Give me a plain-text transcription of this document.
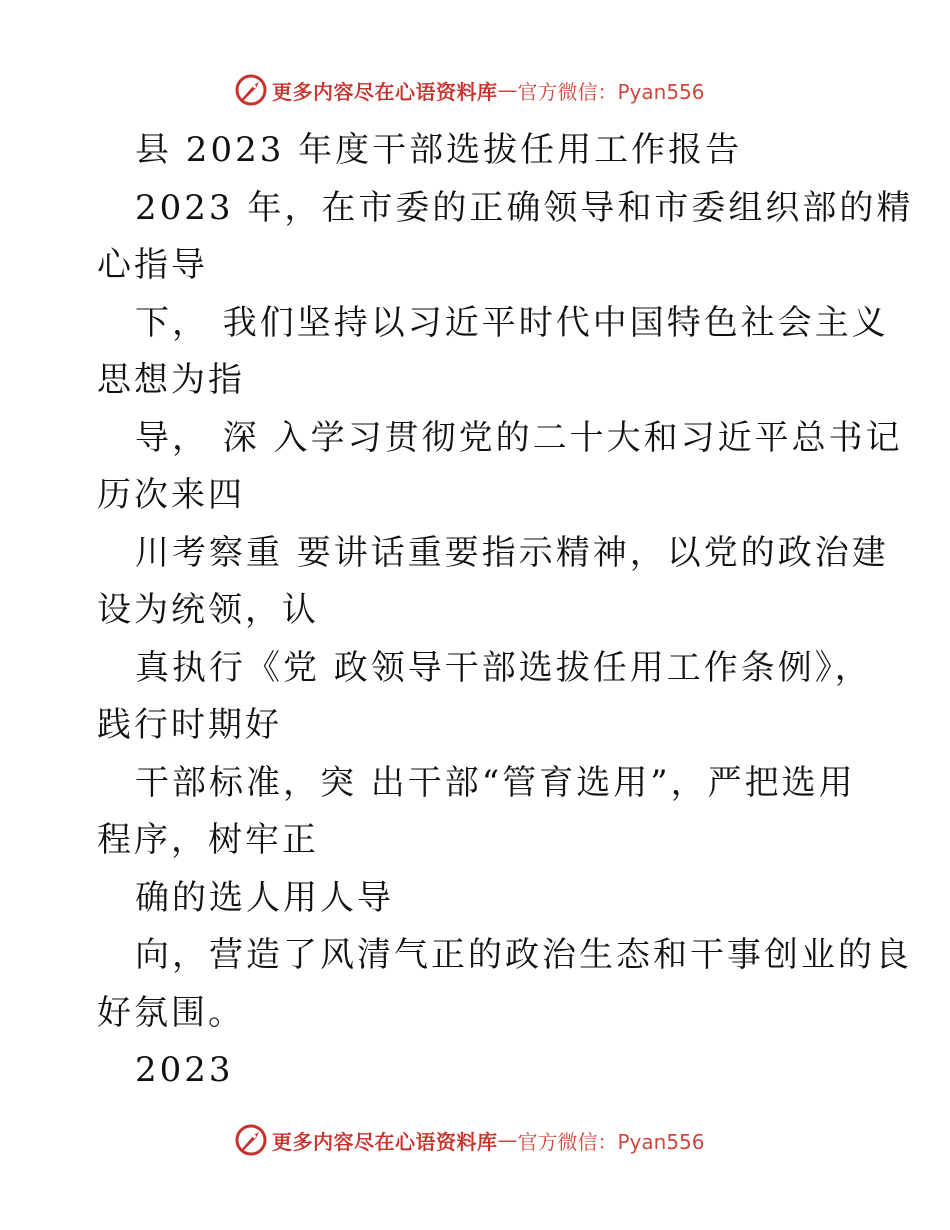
更多内容尽在心语资料库 — 官方微信：Pyan556
县 2023 年度干部选拔任用工作报告
2023 年，在市委的正确领导和市委组织部的精
心指导
下， 我们坚持以习近平时代中国特色社会主义
思想为指
导， 深 入学习贯彻党的二十大和习近平总书记
历次来四
川考察重 要讲话重要指示精神，以党的政治建
设为统领，认
真执行《党 政领导干部选拔任用工作条例》，
践行时期好
干部标准，突 出干部“管育选用”，严把选用
程序，树牢正
确的选人用人导
向，营造了风清气正的政治生态和干事创业的良
好氛围。
2023
更多内容尽在心语资料库 — 官方微信：Pyan556
